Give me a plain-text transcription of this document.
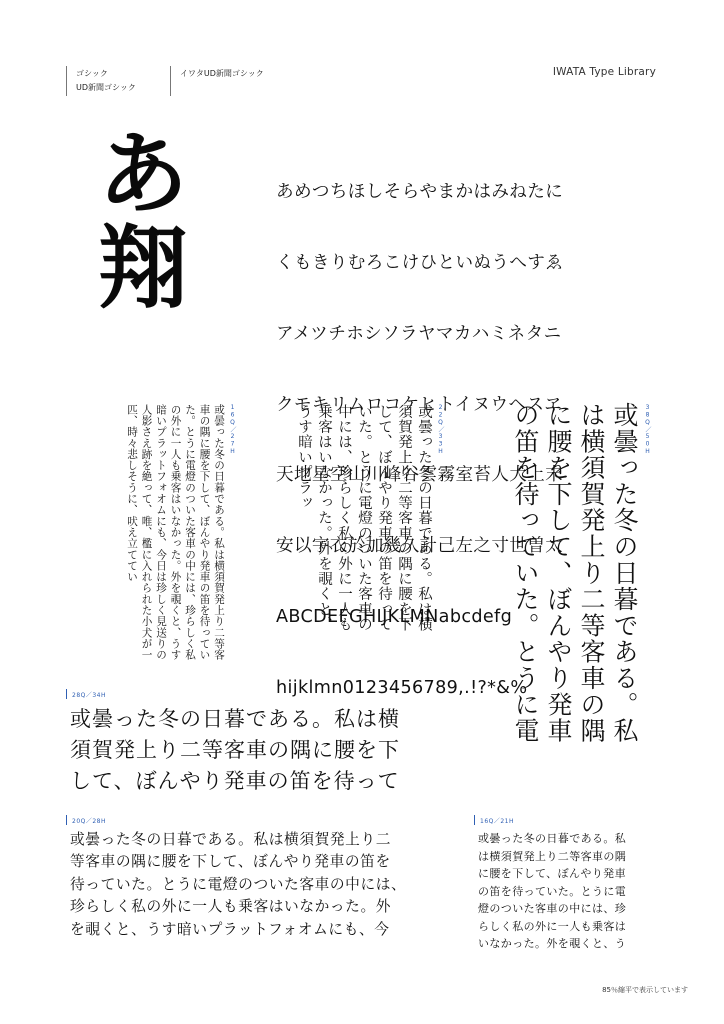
ゴシック
UD新聞ゴシック
イワタUD新聞ゴシック	IWATA Type Library
あ
翔

あめつちほしそらやまかはみねたに

くもきりむろこけひといぬうへすゑ

アメツチホシソラヤマカハミネタニ

クモキリムロコケヒトイヌウヘスヱ

天地星空山川峰谷雲霧室苔人犬上末

安以宇衣於加幾久計己左之寸世曽太

ABCDEFGHIJKLMNabcdefg

hijklmn0123456789,.!?*&%

38Q／50H
或曇った冬の日暮である。私は横須賀発上り二等客車の隅に腰を下して、ぼんやり発車の笛を待っていた。とうに電
22Q／33H
或曇った冬の日暮である。私は横須賀発上り二等客車の隅に腰を下して、ぼんやり発車の笛を待っていた。とうに電燈のついた客車の中には、珍らしく私の外に一人も乗客はいなかった。外を覗くと、うす暗いプラッ
16Q／27H
或曇った冬の日暮である。私は横須賀発上り二等客車の隅に腰を下して、ぼんやり発車の笛を待っていた。とうに電燈のついた客車の中には、珍らしく私の外に一人も乗客はいなかった。外を覗くと、うす暗いプラットフォオムにも、今日は珍しく見送りの人影さえ跡を絶って、唯、檻に入れられた小犬が一匹、時々悲しそうに、吠え立ててい
28Q／34H
或曇った冬の日暮である。私は横
須賀発上り二等客車の隅に腰を下
して、ぼんやり発車の笛を待って
20Q／28H
或曇った冬の日暮である。私は横須賀発上り二
等客車の隅に腰を下して、ぼんやり発車の笛を
待っていた。とうに電燈のついた客車の中には、
珍らしく私の外に一人も乗客はいなかった。外
を覗くと、うす暗いプラットフォオムにも、今
16Q／21H
或曇った冬の日暮である。私
は横須賀発上り二等客車の隅
に腰を下して、ぼんやり発車
の笛を待っていた。とうに電
燈のついた客車の中には、珍
らしく私の外に一人も乗客は
いなかった。外を覗くと、う
85％縮平で表示しています
